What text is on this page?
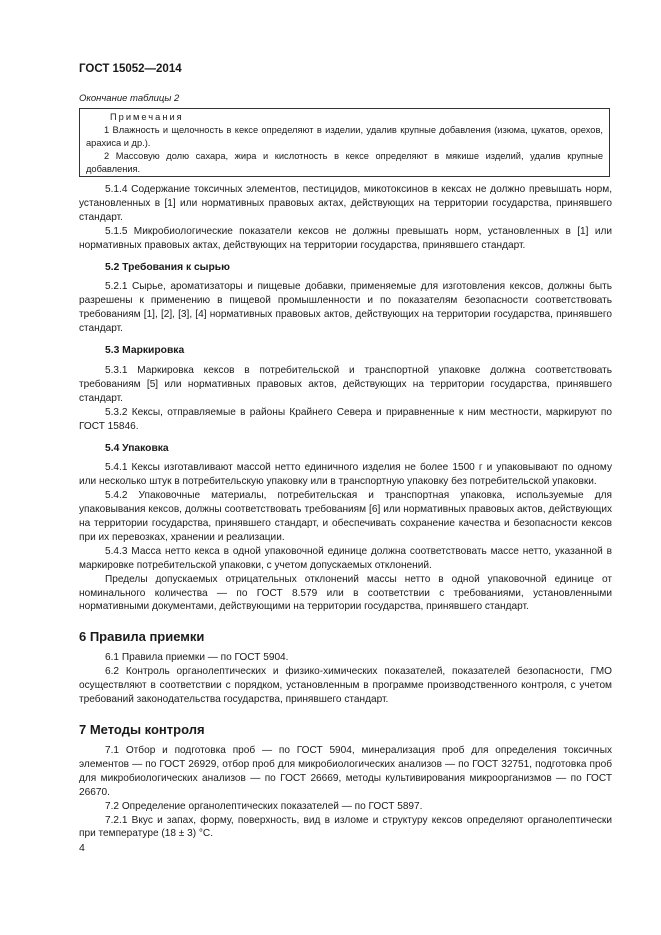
ГОСТ 15052—2014
Окончание таблицы 2
Примечания

1 Влажность и щелочность в кексе определяют в изделии, удалив крупные добавления (изюма, цукатов, орехов, арахиса и др.).

2 Массовую долю сахара, жира и кислотность в кексе определяют в мякише изделий, удалив крупные добавления.

5.1.4 Содержание токсичных элементов, пестицидов, микотоксинов в кексах не должно превышать норм, установленных в [1] или нормативных правовых актах, действующих на территории государства, принявшего стандарт.

5.1.5 Микробиологические показатели кексов не должны превышать норм, установленных в [1] или нормативных правовых актах, действующих на территории государства, принявшего стандарт.

5.2 Требования к сырью

5.2.1 Сырье, ароматизаторы и пищевые добавки, применяемые для изготовления кексов, должны быть разрешены к применению в пищевой промышленности и по показателям безопасности соответствовать требованиям [1], [2], [3], [4] нормативных правовых актов, действующих на территории государства, принявшего стандарт.

5.3 Маркировка

5.3.1 Маркировка кексов в потребительской и транспортной упаковке должна соответствовать требованиям [5] или нормативных правовых актов, действующих на территории государства, принявшего стандарт.

5.3.2 Кексы, отправляемые в районы Крайнего Севера и приравненные к ним местности, маркируют по ГОСТ 15846.

5.4 Упаковка

5.4.1 Кексы изготавливают массой нетто единичного изделия не более 1500 г и упаковывают по одному или несколько штук в потребительскую упаковку или в транспортную упаковку без потребительской упаковки.

5.4.2 Упаковочные материалы, потребительская и транспортная упаковка, используемые для упаковывания кексов, должны соответствовать требованиям [6] или нормативных правовых актов, действующих на территории государства, принявшего стандарт, и обеспечивать сохранение качества и безопасности кексов при их перевозках, хранении и реализации.

5.4.3 Масса нетто кекса в одной упаковочной единице должна соответствовать массе нетто, указанной в маркировке потребительской упаковки, с учетом допускаемых отклонений.

Пределы допускаемых отрицательных отклонений массы нетто в одной упаковочной единице от номинального количества — по ГОСТ 8.579 или в соответствии с требованиями, установленными нормативными документами, действующими на территории государства, принявшего стандарт.

6 Правила приемки

6.1 Правила приемки — по ГОСТ 5904.

6.2 Контроль органолептических и физико-химических показателей, показателей безопасности, ГМО осуществляют в соответствии с порядком, установленным в программе производственного контроля, с учетом требований законодательства государства, принявшего стандарт.

7 Методы контроля

7.1 Отбор и подготовка проб — по ГОСТ 5904, минерализация проб для определения токсичных элементов — по ГОСТ 26929, отбор проб для микробиологических анализов — по ГОСТ 32751, подготовка проб для микробиологических анализов — по ГОСТ 26669, методы культивирования микроорганизмов — по ГОСТ 26670.

7.2 Определение органолептических показателей — по ГОСТ 5897.

7.2.1 Вкус и запах, форму, поверхность, вид в изломе и структуру кексов определяют органолептически при температуре (18 ± 3) °С.

4
